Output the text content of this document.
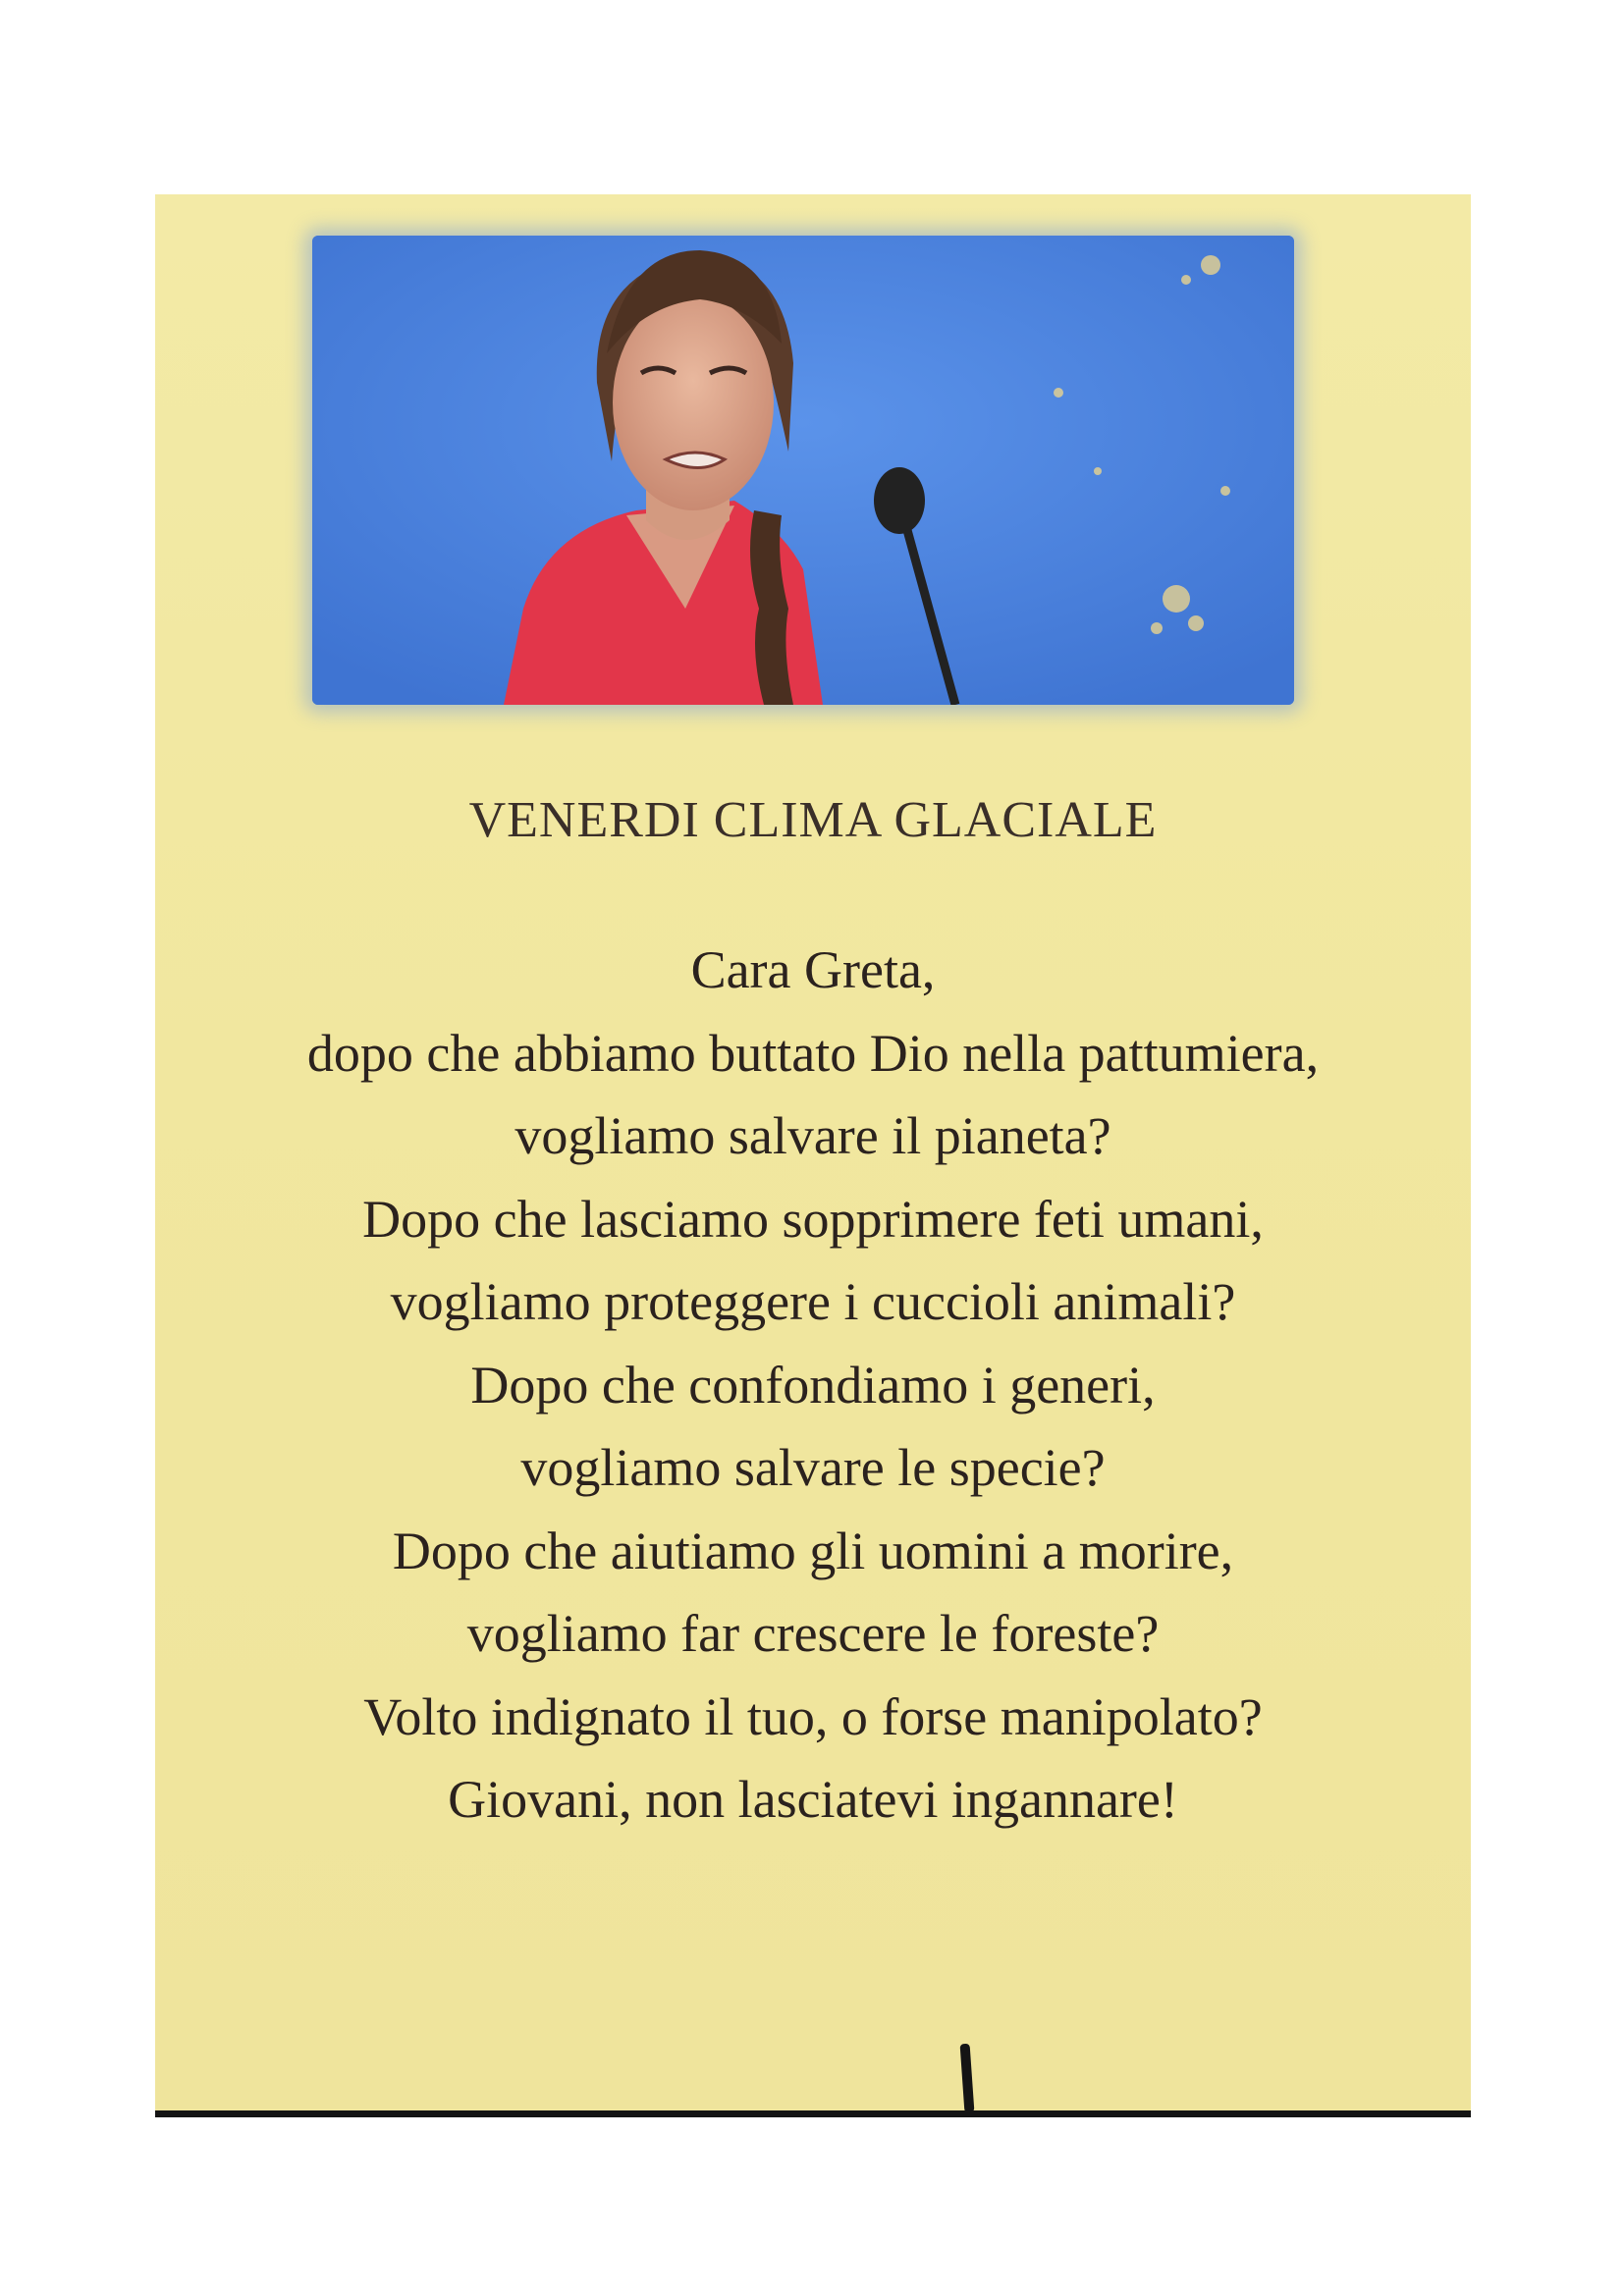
VENERDI CLIMA GLACIALE
Cara Greta,
dopo che abbiamo buttato Dio nella pattumiera,
vogliamo salvare il pianeta?
Dopo che lasciamo sopprimere feti umani,
vogliamo proteggere i cuccioli animali?
Dopo che confondiamo i generi,
vogliamo salvare le specie?
Dopo che aiutiamo gli uomini a morire,
vogliamo far crescere le foreste?
Volto indignato il tuo, o forse manipolato?
Giovani, non lasciatevi ingannare!
